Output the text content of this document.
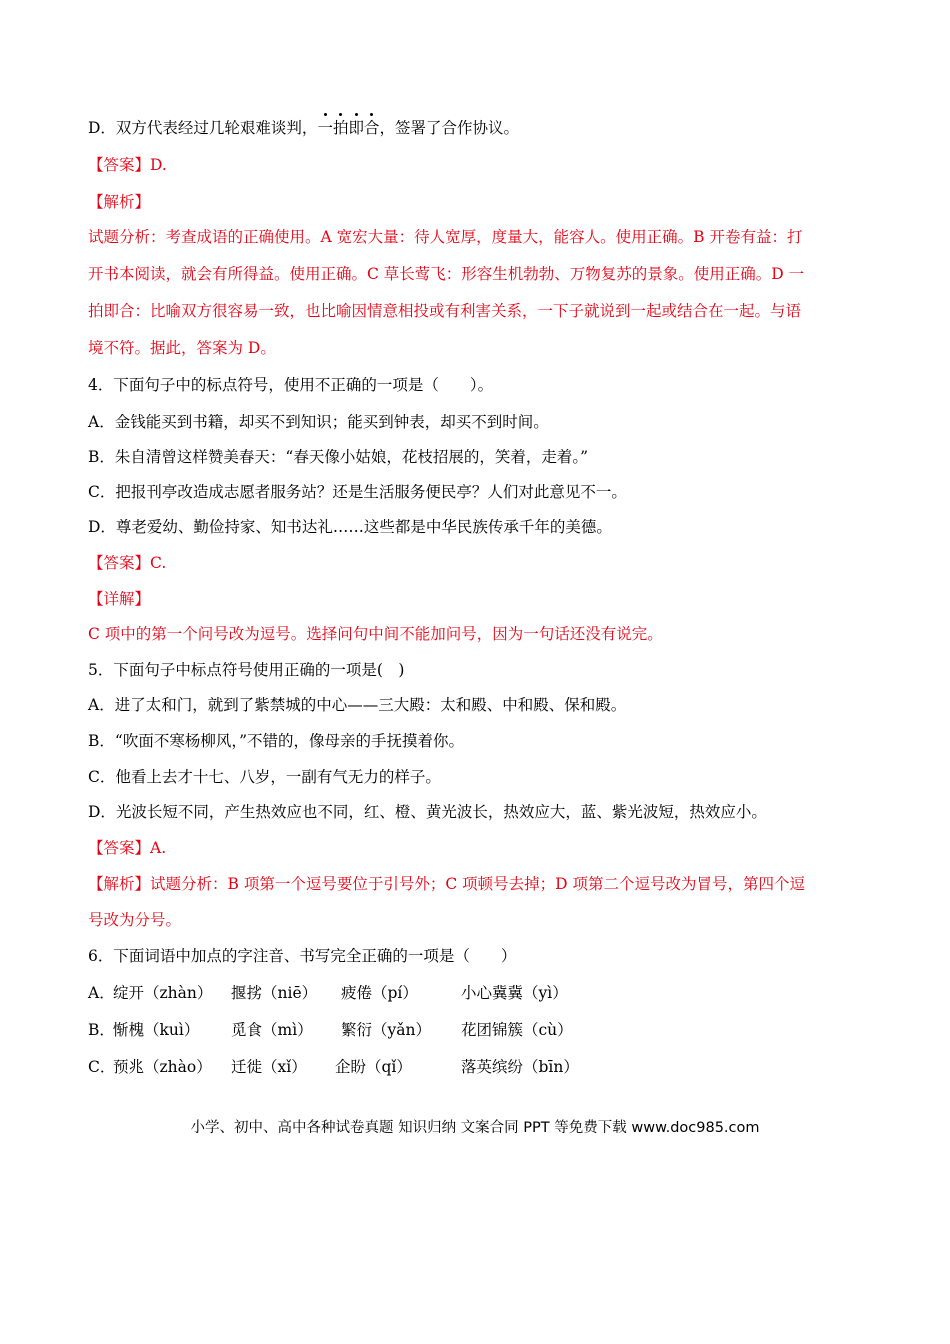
D．双方代表经过几轮艰难谈判，一拍即合，签署了合作协议。
【答案】D.
【解析】
试题分析：考查成语的正确使用。A 宽宏大量：待人宽厚，度量大，能容人。使用正确。B 开卷有益：打
开书本阅读，就会有所得益。使用正确。C 草长莺飞：形容生机勃勃、万物复苏的景象。使用正确。D 一
拍即合：比喻双方很容易一致，也比喻因情意相投或有利害关系，一下子就说到一起或结合在一起。与语
境不符。据此，答案为 D。
4．下面句子中的标点符号，使用不正确的一项是（　　）。
A．金钱能买到书籍，却买不到知识；能买到钟表，却买不到时间。
B．朱自清曾这样赞美春天：“春天像小姑娘，花枝招展的，笑着，走着。”
C．把报刊亭改造成志愿者服务站？还是生活服务便民亭？人们对此意见不一。
D．尊老爱幼、勤俭持家、知书达礼……这些都是中华民族传承千年的美德。
【答案】C.
【详解】
C 项中的第一个问号改为逗号。选择问句中间不能加问号，因为一句话还没有说完。
5．下面句子中标点符号使用正确的一项是(　)
A．进了太和门，就到了紫禁城的中心——三大殿：太和殿、中和殿、保和殿。
B．“吹面不寒杨柳风，”不错的，像母亲的手抚摸着你。
C．他看上去才十七、八岁，一副有气无力的样子。
D．光波长短不同，产生热效应也不同，红、橙、黄光波长，热效应大，蓝、紫光波短，热效应小。
【答案】A.
【解析】试题分析：B 项第一个逗号要位于引号外；C 项顿号去掉；D 项第二个逗号改为冒号，第四个逗
号改为分号。
6．下面词语中加点的字注音、书写完全正确的一项是（　　）
A．绽开（zhàn） 揠挘（niē） 疲倦（pí）	小心冀冀（yì）
B．惭槐（kuì） 觅食（mì） 繁衍（yǎn） 花团锦簇（cù）
C．预兆（zhào） 迁徙（xǐ） 企盼（qǐ）	落英缤纷（bīn）
小学、初中、高中各种试卷真题 知识归纳 文案合同 PPT 等免费下载 www.doc985.com
